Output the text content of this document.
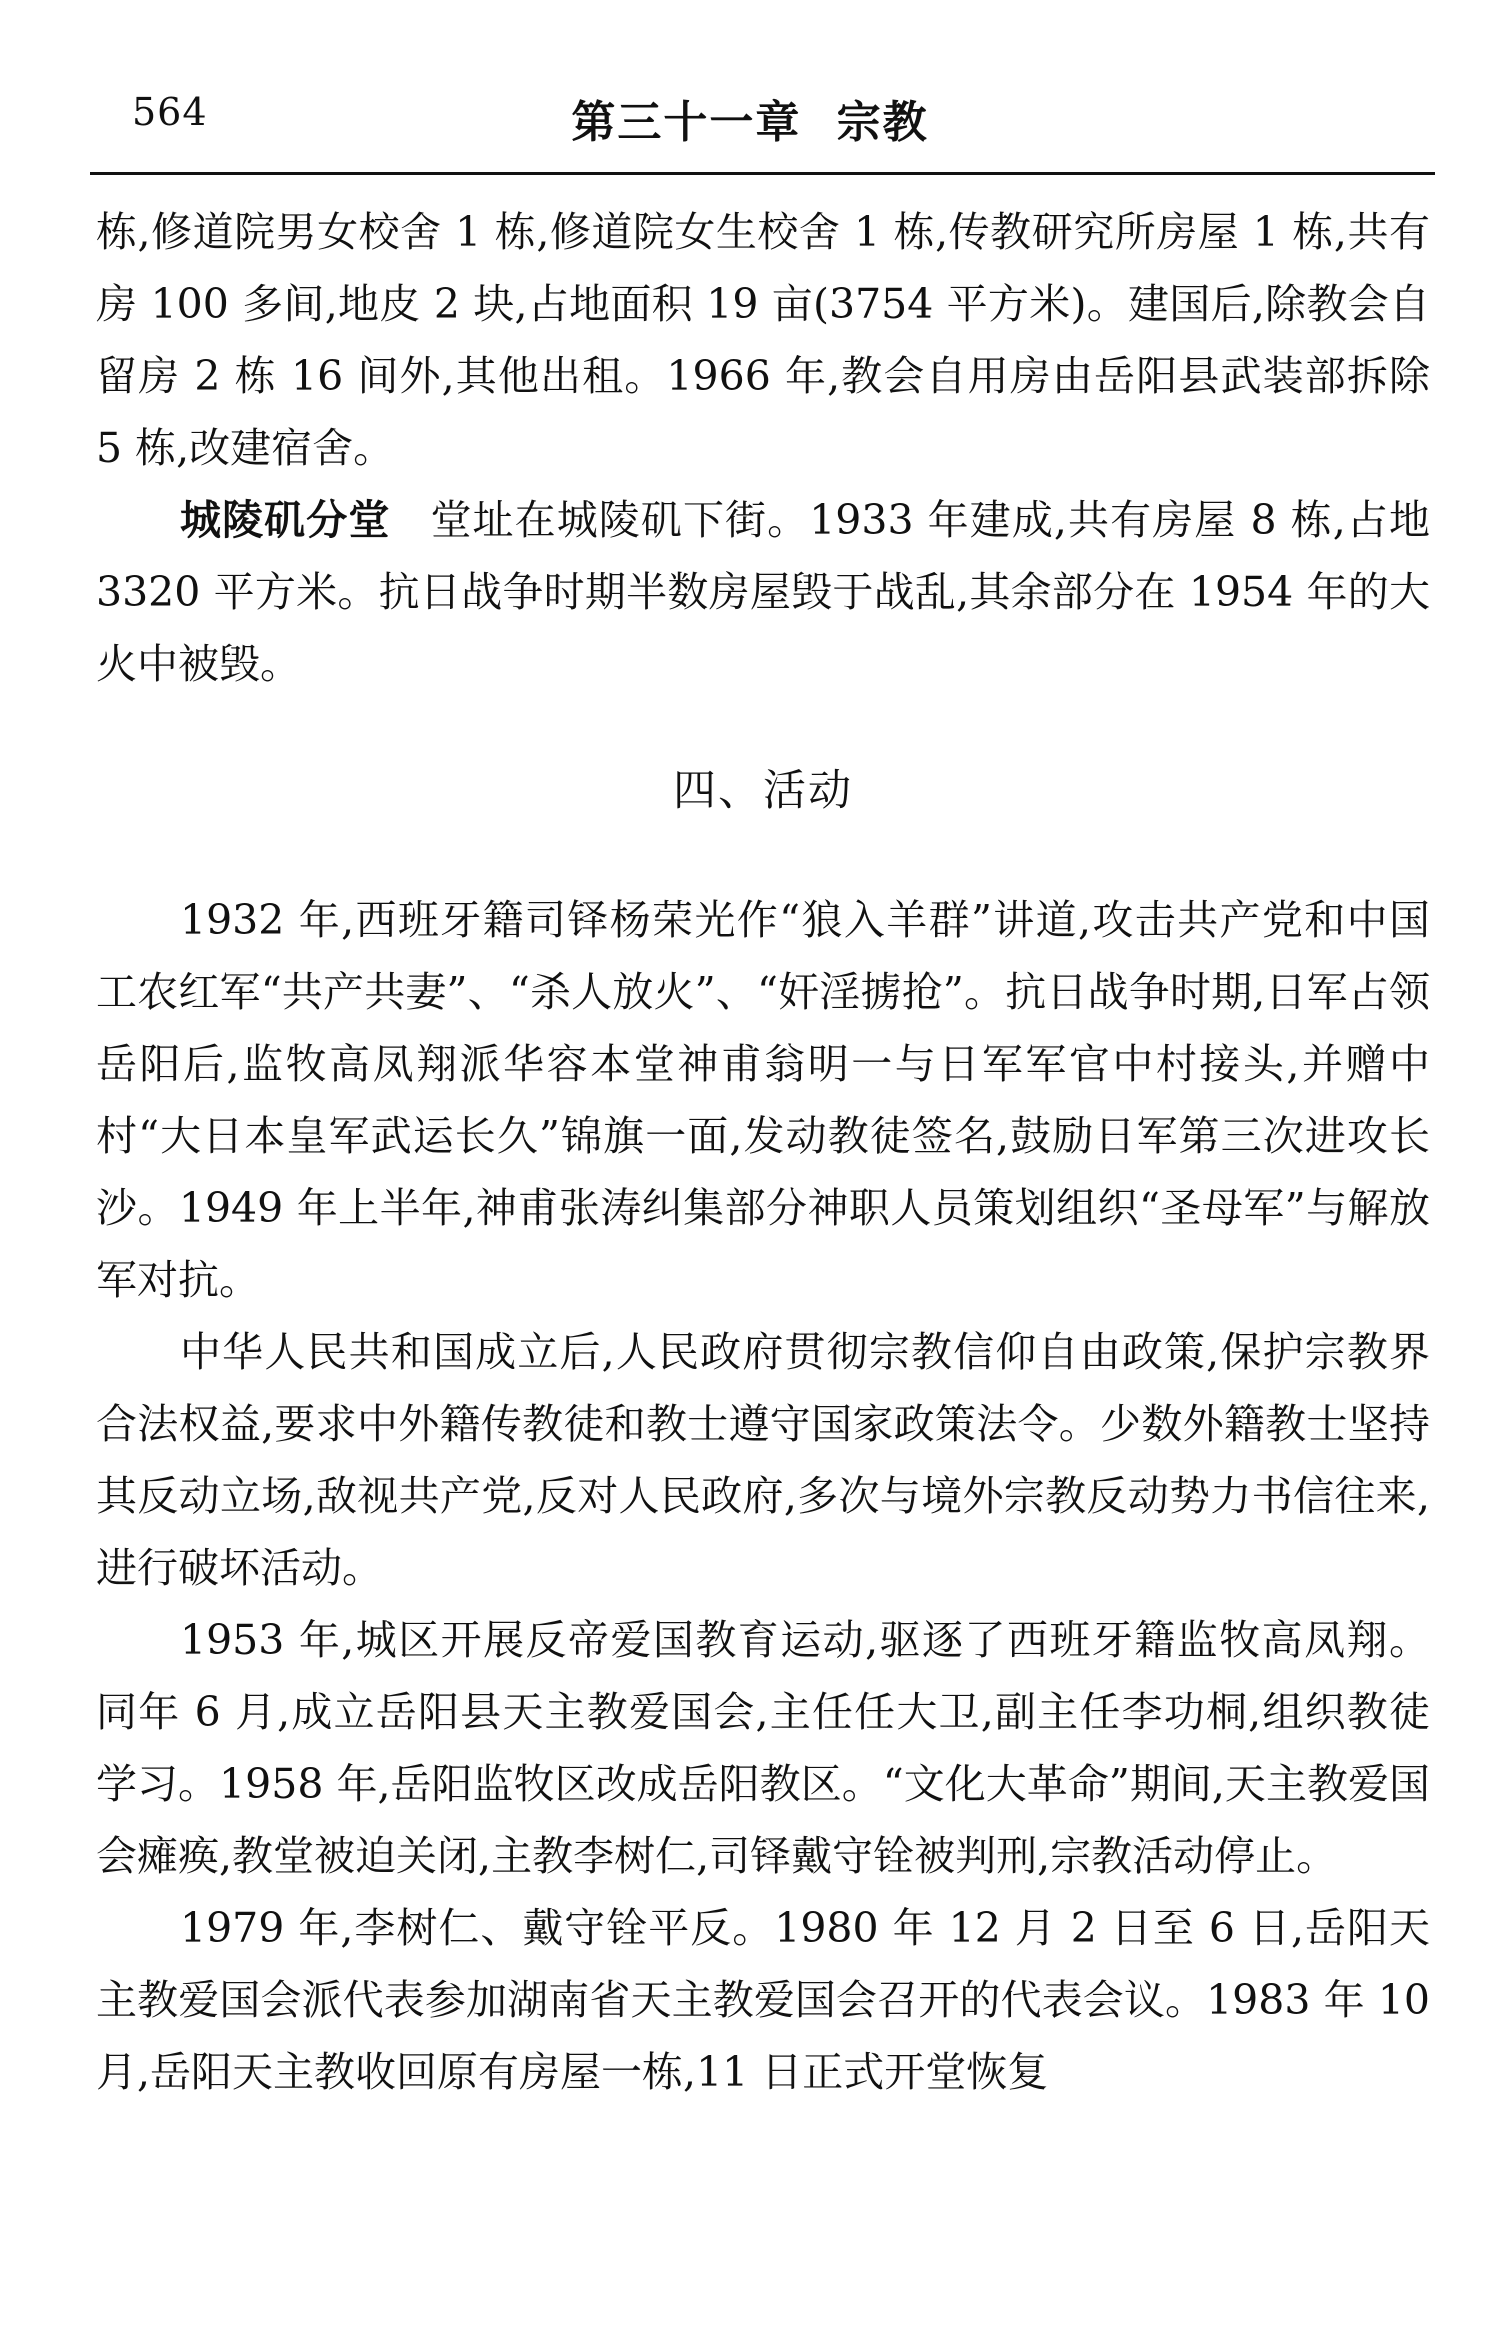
564	第三十一章 宗教

栋,修道院男女校舍 1 栋,修道院女生校舍 1 栋,传教研究所房屋 1 栋,共有房 100 多间,地皮 2 块,占地面积 19 亩(3754 平方米)。建国后,除教会自留房 2 栋 16 间外,其他出租。1966 年,教会自用房由岳阳县武装部拆除 5 栋,改建宿舍。

城陵矶分堂 堂址在城陵矶下街。1933 年建成,共有房屋 8 栋,占地 3320 平方米。抗日战争时期半数房屋毁于战乱,其余部分在 1954 年的大火中被毁。

四、活动

1932 年,西班牙籍司铎杨荣光作“狼入羊群”讲道,攻击共产党和中国工农红军“共产共妻”、“杀人放火”、“奸淫掳抢”。抗日战争时期,日军占领岳阳后,监牧高凤翔派华容本堂神甫翁明一与日军军官中村接头,并赠中村“大日本皇军武运长久”锦旗一面,发动教徒签名,鼓励日军第三次进攻长沙。1949 年上半年,神甫张涛纠集部分神职人员策划组织“圣母军”与解放军对抗。

中华人民共和国成立后,人民政府贯彻宗教信仰自由政策,保护宗教界合法权益,要求中外籍传教徒和教士遵守国家政策法令。少数外籍教士坚持其反动立场,敌视共产党,反对人民政府,多次与境外宗教反动势力书信往来,进行破坏活动。

1953 年,城区开展反帝爱国教育运动,驱逐了西班牙籍监牧高凤翔。同年 6 月,成立岳阳县天主教爱国会,主任任大卫,副主任李功桐,组织教徒学习。1958 年,岳阳监牧区改成岳阳教区。“文化大革命”期间,天主教爱国会瘫痪,教堂被迫关闭,主教李树仁,司铎戴守铨被判刑,宗教活动停止。

1979 年,李树仁、戴守铨平反。1980 年 12 月 2 日至 6 日,岳阳天主教爱国会派代表参加湖南省天主教爱国会召开的代表会议。1983 年 10 月,岳阳天主教收回原有房屋一栋,11 日正式开堂恢复
